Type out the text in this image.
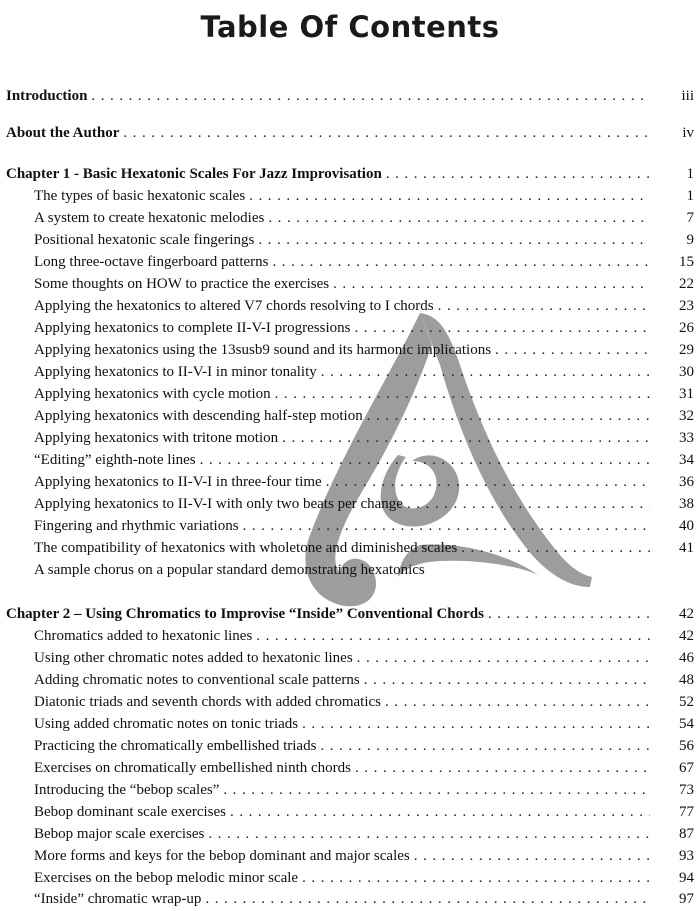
Table Of Contents
Introduction . . .	iii
About the Author . . .	iv
Chapter 1 - Basic Hexatonic Scales For Jazz Improvisation . . .	1
The types of basic hexatonic scales . . .	1
A system to create hexatonic melodies . . .	7
Positional hexatonic scale fingerings . . .	9
Long three-octave fingerboard patterns . . .	15
Some thoughts on HOW to practice the exercises . . .	22
Applying the hexatonics to altered V7 chords resolving to I chords . . .	23
Applying hexatonics to complete II-V-I progressions . . .	26
Applying hexatonics using the 13susb9 sound and its harmonic implications . . .	29
Applying hexatonics to II-V-I in minor tonality . . .	30
Applying hexatonics with cycle motion . . .	31
Applying hexatonics with descending half-step motion . . .	32
Applying hexatonics with tritone motion . . .	33
“Editing” eighth-note lines . . .	34
Applying hexatonics to II-V-I in three-four time . . .	36
Applying hexatonics to II-V-I with only two beats per change . . .	38
Fingering and rhythmic variations . . .	40
The compatibility of hexatonics with wholetone and diminished scales . . .	41
A sample chorus on a popular standard demonstrating hexatonics
Chapter 2 – Using Chromatics to Improvise “Inside” Conventional Chords . . .	42
Chromatics added to hexatonic lines . . .	42
Using other chromatic notes added to hexatonic lines . . .	46
Adding chromatic notes to conventional scale patterns . . .	48
Diatonic triads and seventh chords with added chromatics . . .	52
Using added chromatic notes on tonic triads . . .	54
Practicing the chromatically embellished triads . . .	56
Exercises on chromatically embellished ninth chords . . .	67
Introducing the “bebop scales” . . .	73
Bebop dominant scale exercises . . .	77
Bebop major scale exercises . . .	87
More forms and keys for the bebop dominant and major scales . . .	93
Exercises on the bebop melodic minor scale . . .	94
“Inside” chromatic wrap-up . . .	97
